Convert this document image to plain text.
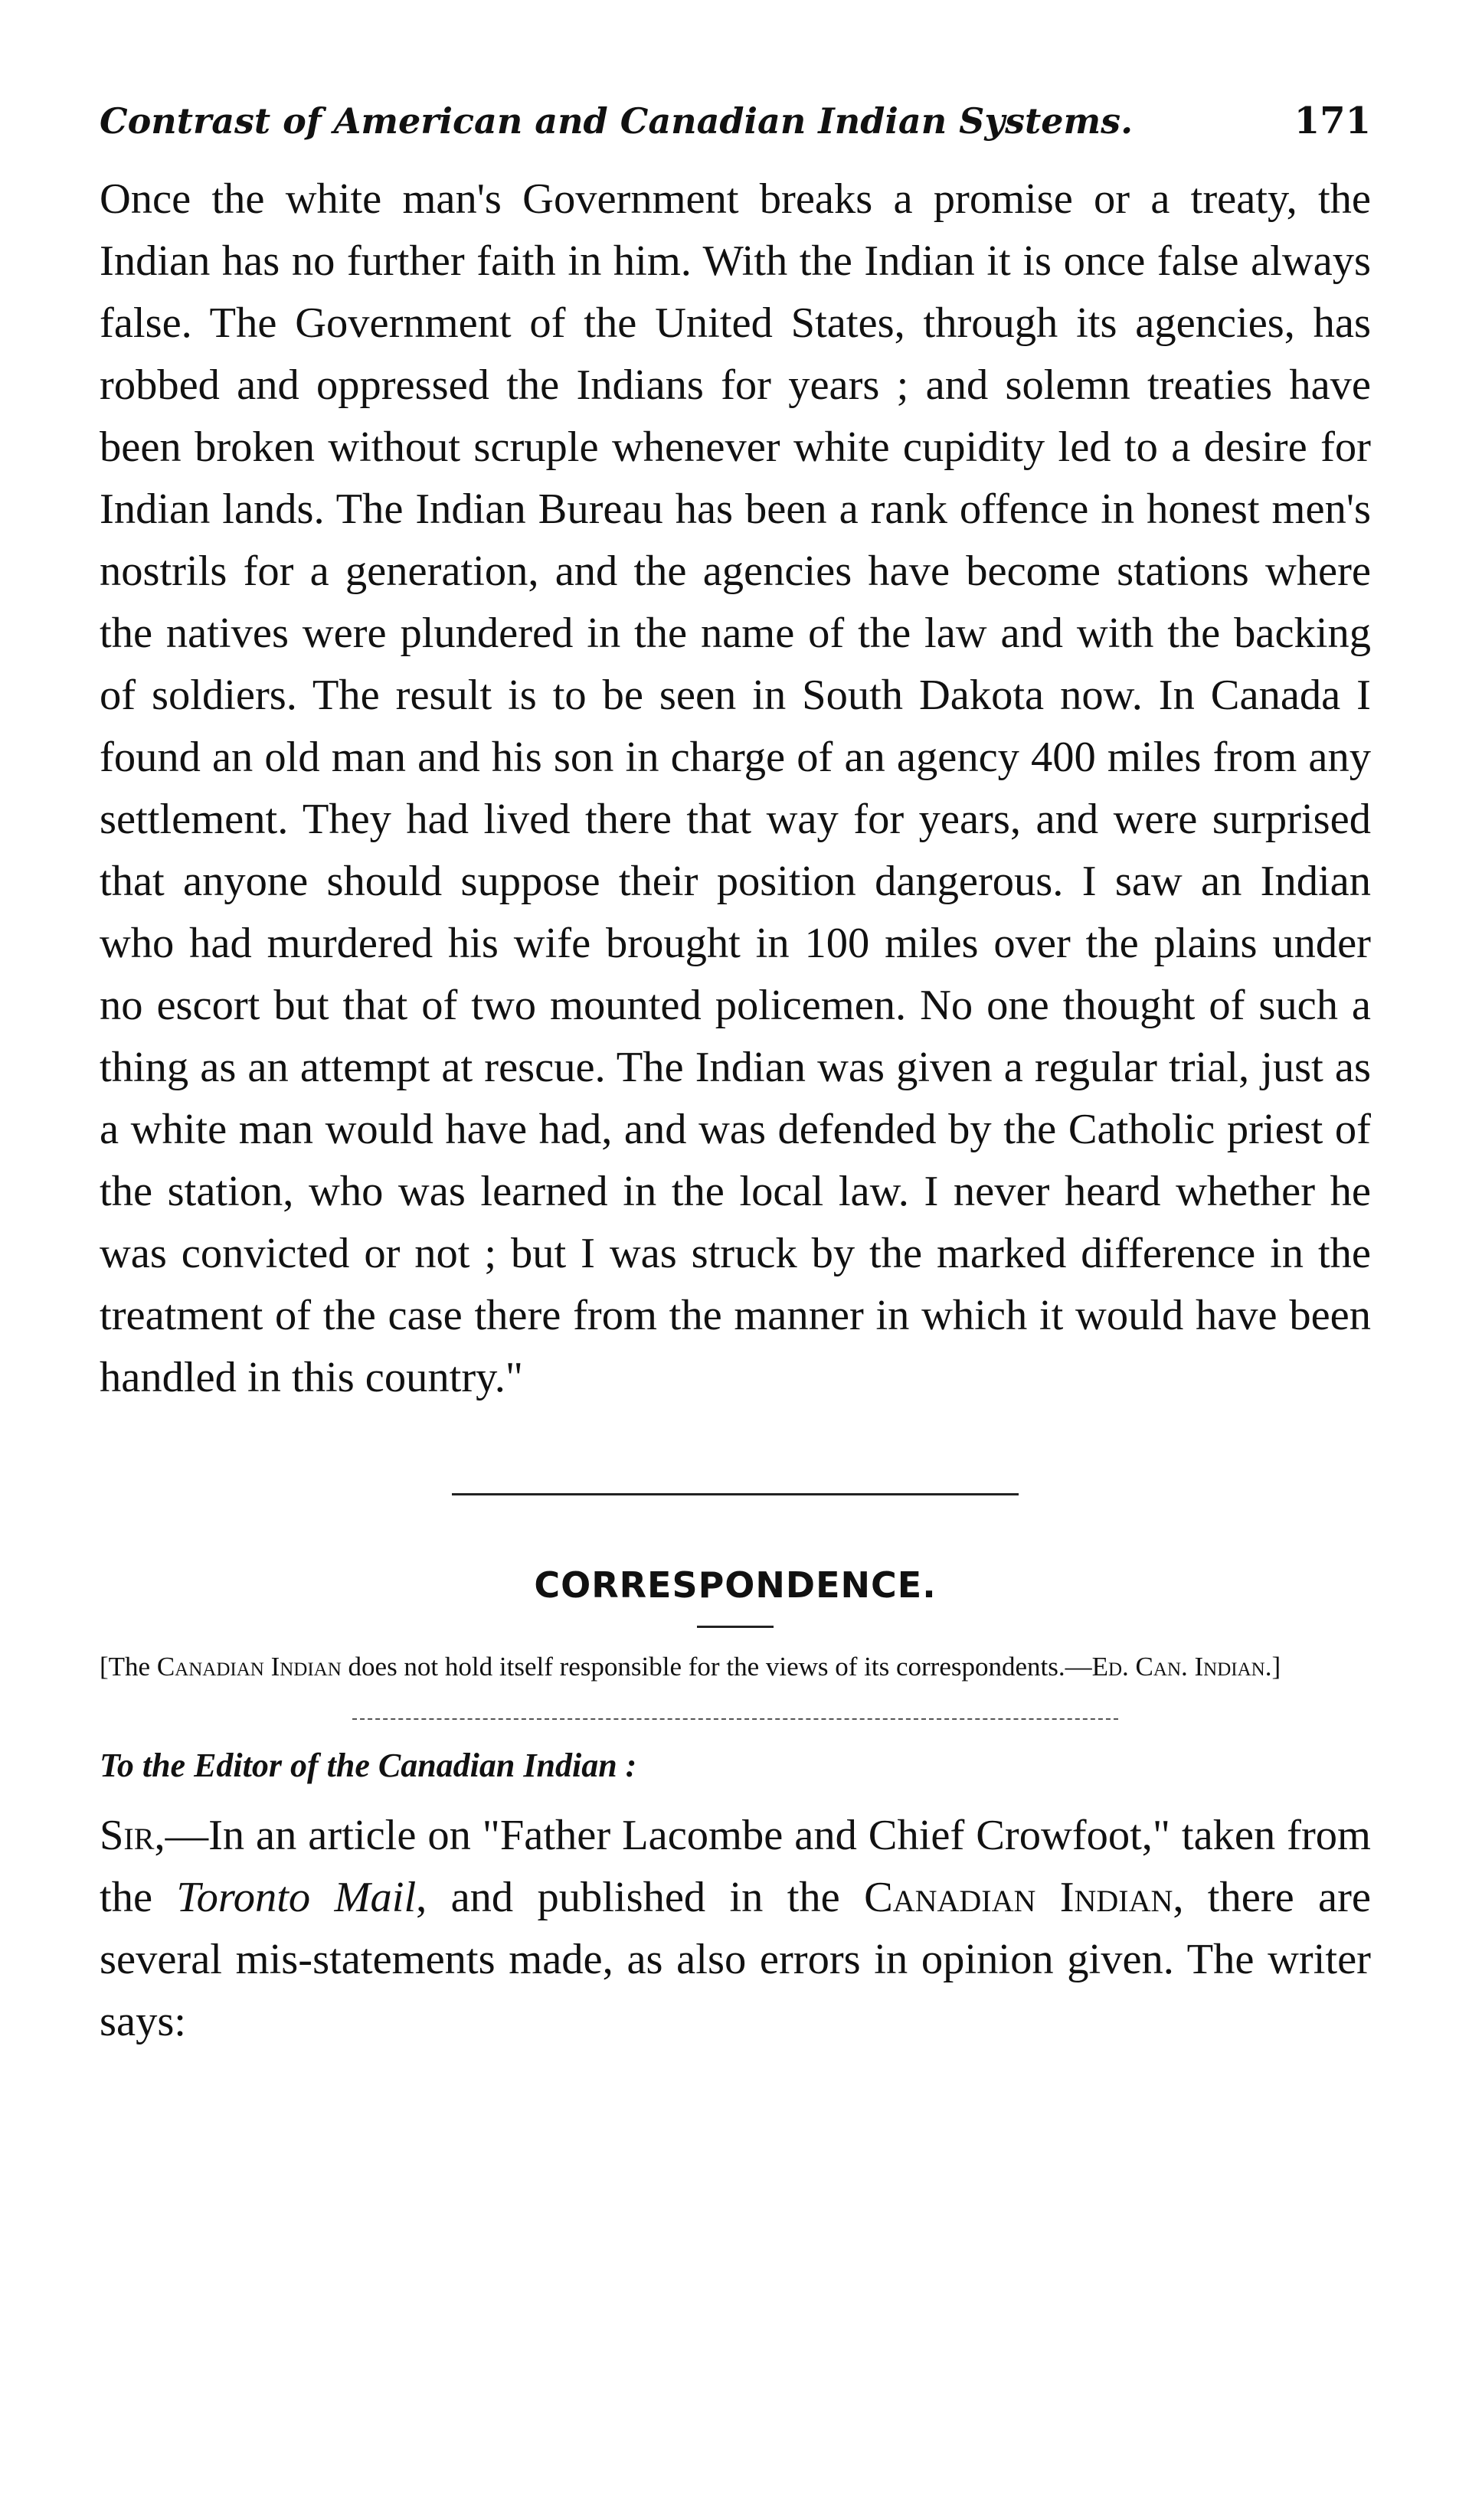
Contrast of American and Canadian Indian Systems.	171

Once the white man's Government breaks a promise or a treaty, the Indian has no further faith in him. With the Indian it is once false always false. The Government of the United States, through its agencies, has robbed and oppressed the Indians for years ; and solemn treaties have been broken without scruple whenever white cupidity led to a desire for Indian lands. The Indian Bureau has been a rank offence in honest men's nostrils for a generation, and the agencies have become stations where the natives were plundered in the name of the law and with the backing of soldiers. The result is to be seen in South Dakota now. In Canada I found an old man and his son in charge of an agency 400 miles from any settlement. They had lived there that way for years, and were surprised that anyone should suppose their position dangerous. I saw an Indian who had murdered his wife brought in 100 miles over the plains under no escort but that of two mounted policemen. No one thought of such a thing as an attempt at rescue. The Indian was given a regular trial, just as a white man would have had, and was defended by the Catholic priest of the station, who was learned in the local law. I never heard whether he was convicted or not ; but I was struck by the marked difference in the treatment of the case there from the manner in which it would have been handled in this country."

CORRESPONDENCE.
[The Canadian Indian does not hold itself responsible for the views of its correspondents.—Ed. Can. Indian.]
To the Editor of the Canadian Indian :

Sir,—In an article on "Father Lacombe and Chief Crowfoot," taken from the Toronto Mail, and published in the Canadian Indian, there are several mis-statements made, as also errors in opinion given. The writer says:
